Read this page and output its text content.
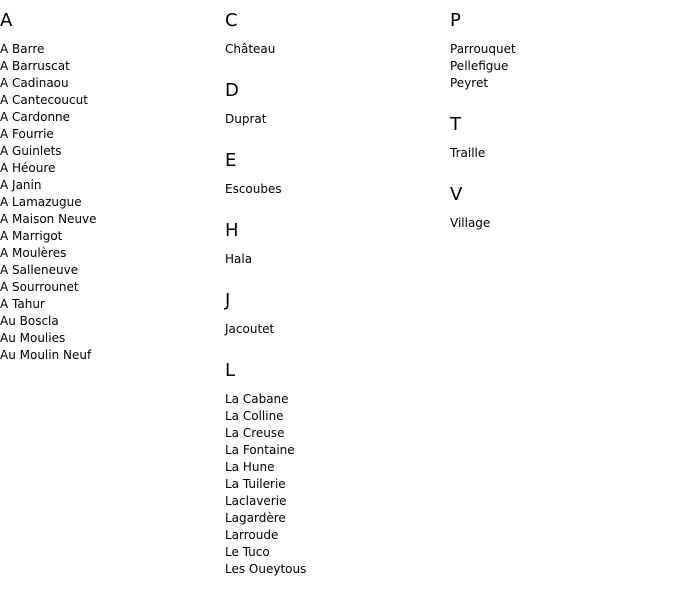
A
A Barre
A Barruscat
A Cadinaou
A Cantecoucut
A Cardonne
A Fourrie
A Guinlets
A Héoure
A Janin
A Lamazugue
A Maison Neuve
A Marrigot
A Moulères
A Salleneuve
A Sourrounet
A Tahur
Au Boscla
Au Moulies
Au Moulin Neuf
C
Château
D
Duprat
E
Escoubes
H
Hala
J
Jacoutet
L
La Cabane
La Colline
La Creuse
La Fontaine
La Hune
La Tuilerie
Laclaverie
Lagardère
Larroude
Le Tuco
Les Oueytous
P
Parrouquet
Pellefigue
Peyret
T
Traille
V
Village
